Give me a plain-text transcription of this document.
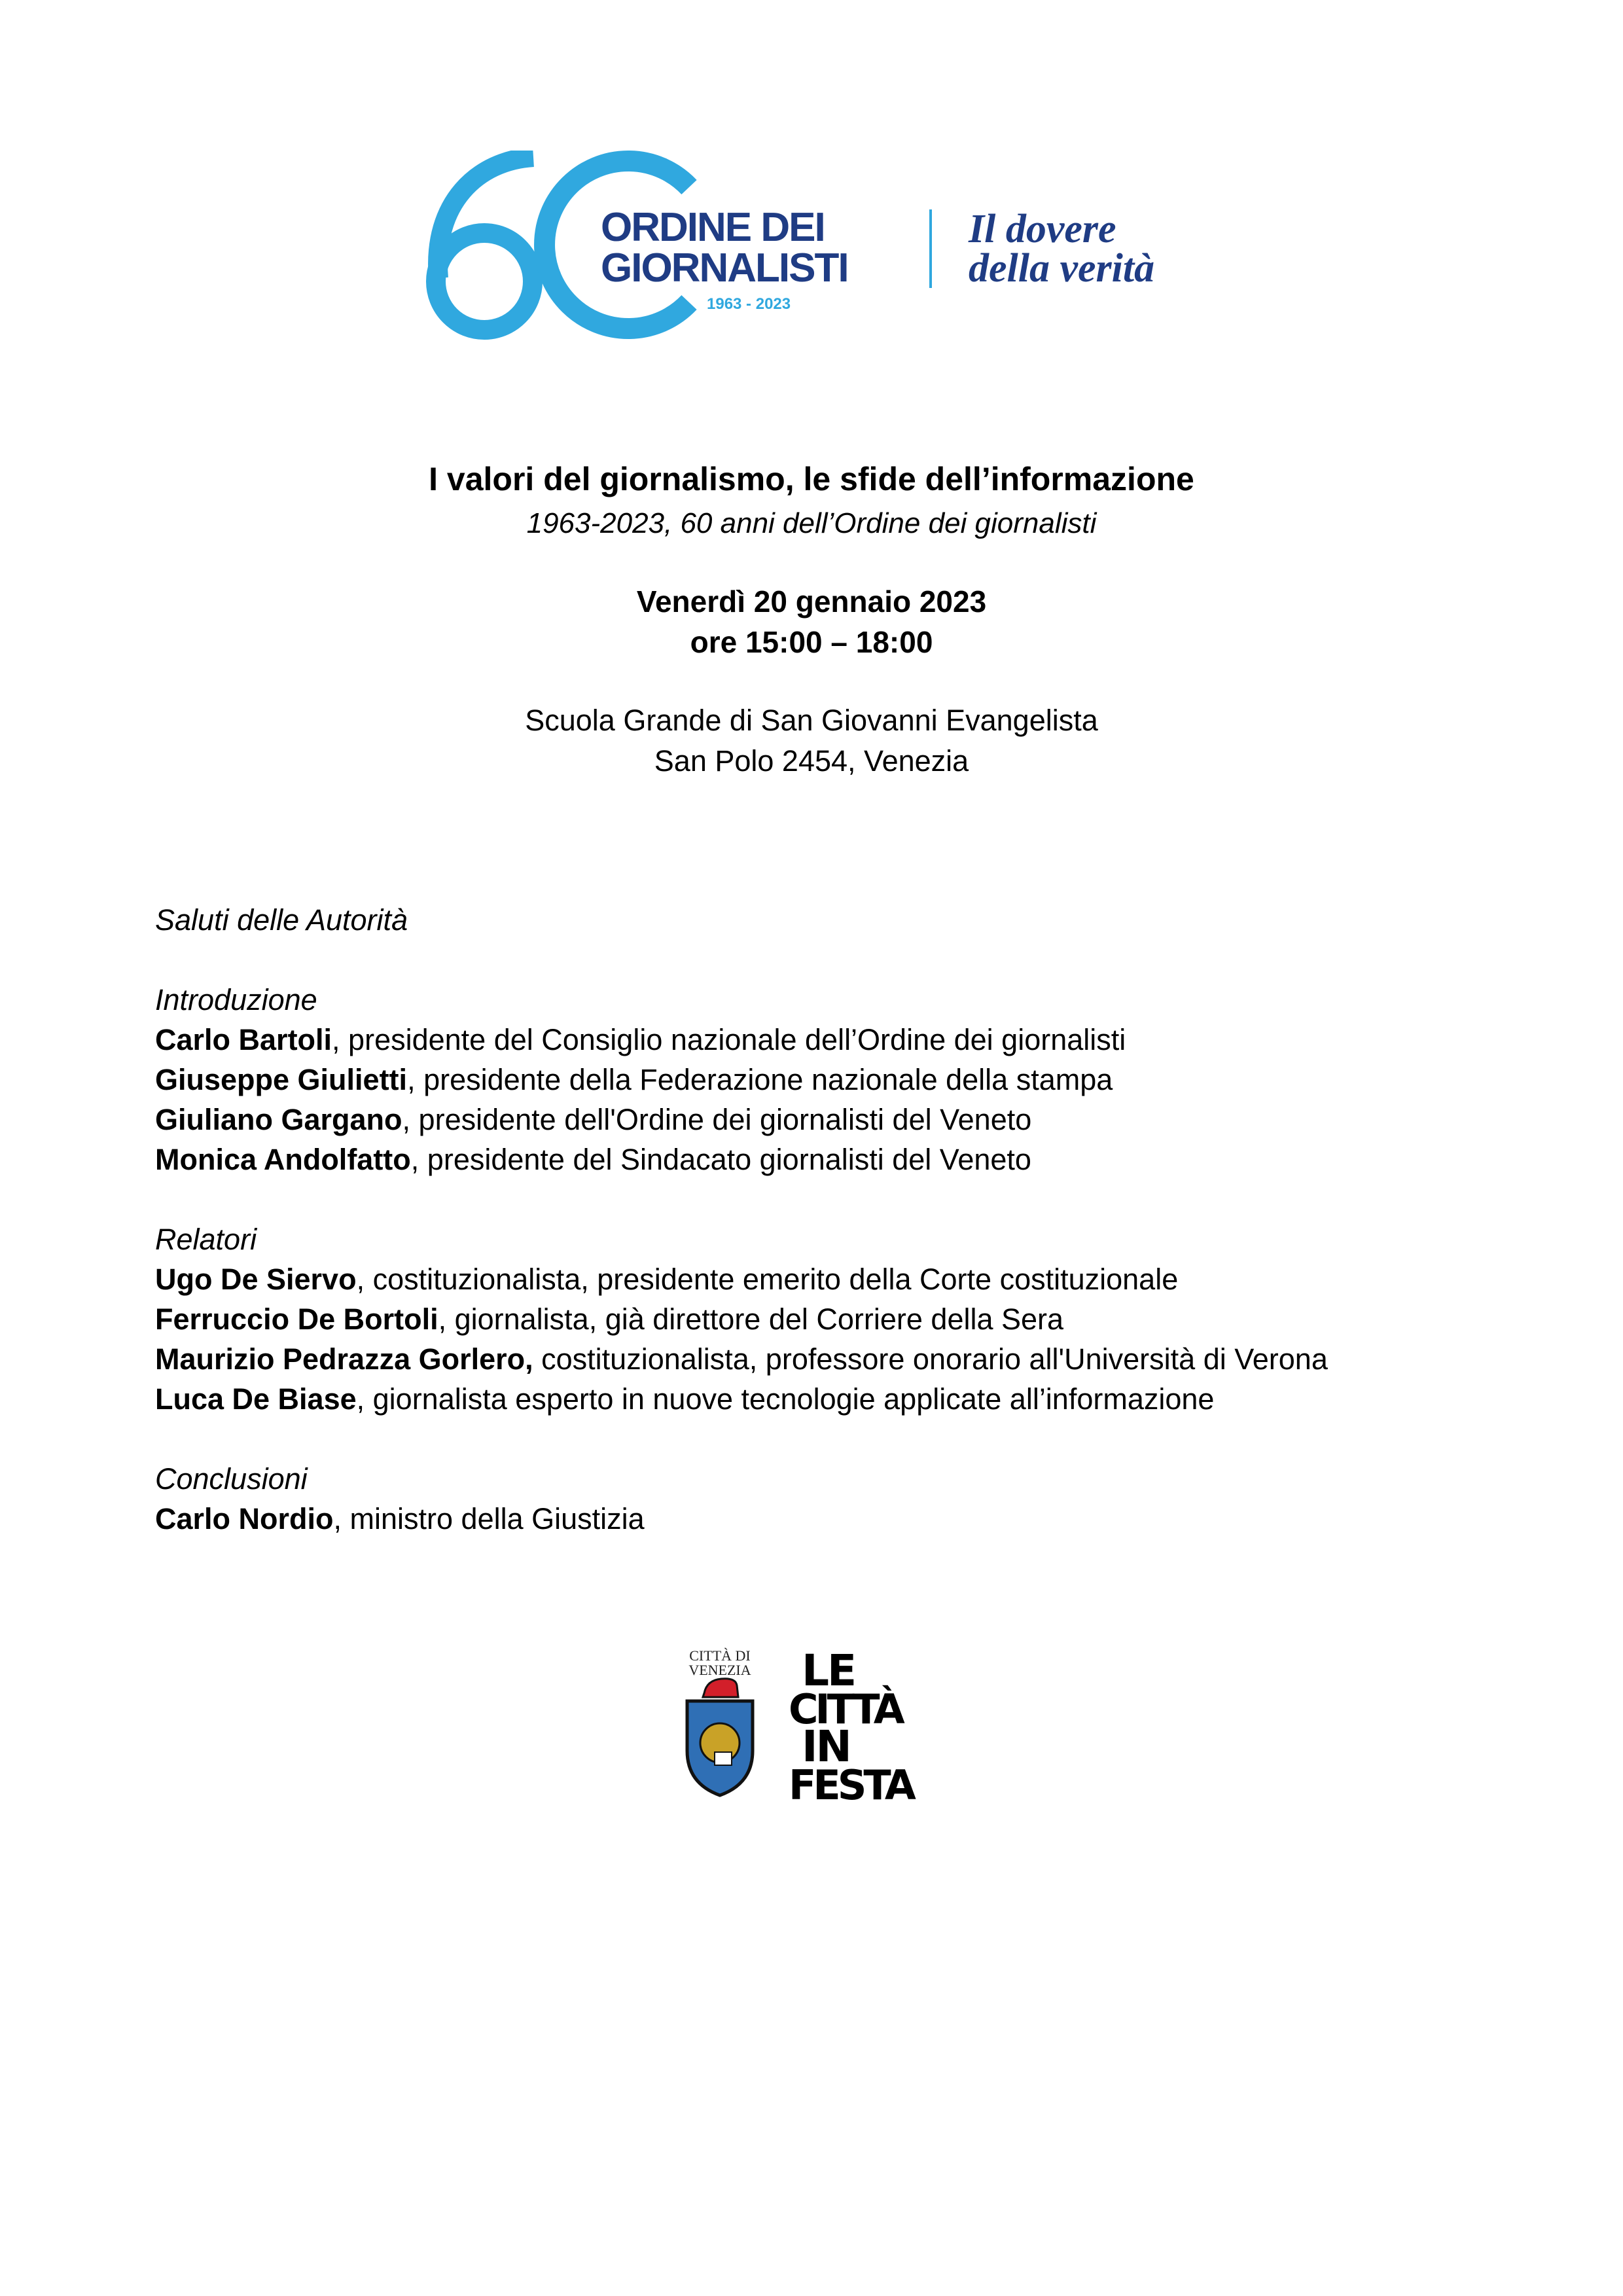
ORDINE DEI
GIORNALISTI
1963 - 2023
Il dovere
della verità
I valori del giornalismo, le sfide dell’informazione
1963-2023, 60 anni dell’Ordine dei giornalisti
Venerdì 20 gennaio 2023
ore 15:00 – 18:00
Scuola Grande di San Giovanni Evangelista
San Polo 2454, Venezia
Saluti delle Autorità
Introduzione
Carlo Bartoli, presidente del Consiglio nazionale dell’Ordine dei giornalisti
Giuseppe Giulietti, presidente della Federazione nazionale della stampa
Giuliano Gargano, presidente dell'Ordine dei giornalisti del Veneto
Monica Andolfatto, presidente del Sindacato giornalisti del Veneto
Relatori
Ugo De Siervo, costituzionalista, presidente emerito della Corte costituzionale
Ferruccio De Bortoli, giornalista, già direttore del Corriere della Sera
Maurizio Pedrazza Gorlero, costituzionalista, professore onorario all'Università di Verona
Luca De Biase, giornalista esperto in nuove tecnologie applicate all’informazione
Conclusioni
Carlo Nordio, ministro della Giustizia
CITTÀ DI
VENEZIA LE
CITTÀ
IN
FESTA
